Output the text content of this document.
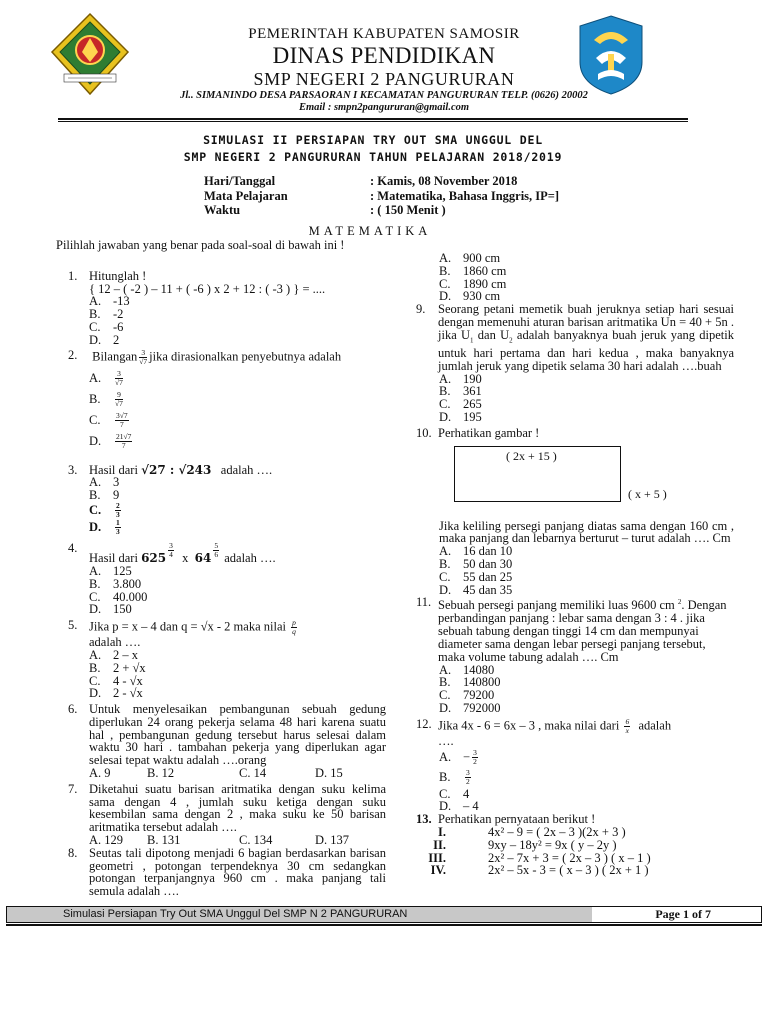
PEMERINTAH KABUPATEN SAMOSIR
DINAS PENDIDIKAN
SMP NEGERI 2 PANGURURAN
Jl.. SIMANINDO DESA PARSAORAN I KECAMATAN PANGURURAN TELP. (0626) 20002
Email : smpn2pangururan@gmail.com
SIMULASI II PERSIAPAN TRY OUT SMA UNGGUL DEL
SMP NEGERI 2 PANGURURAN TAHUN PELAJARAN 2018/2019
Hari/Tanggal	: Kamis, 08 November 2018
Mata Pelajaran	: Matematika, Bahasa Inggris, IP=]
Waktu	: ( 150 Menit )
MATEMATIKA
Pilihlah jawaban yang benar pada soal-soal di bawah ini !
1. Hitunglah !
{ 12 – ( -2 ) – 11 + ( -6 ) x 2 + 12 : ( -3 ) } = ....
A. -13
B.	-2
C.	-6
D. 2
2.	Bilangan $\frac{3}{√7}$ jika dirasionalkan penyebutnya adalah
A.	$\frac{3}{√7}$
B.	$\frac{9}{√7}$
C.	$\frac{3√7}{7}$
D.	$\frac{21√7}{7}$
3. Hasil dari √27 : √243 adalah ….
A. 3
B.	9
C.	$\frac{2}{3}$
D.	$\frac{1}{3}$
4.
Hasil dari $625 \frac{3}{4}$ x $64 \frac{5}{6}$ adalah ….
A. 125
B.	3.800
C.	40.000
D. 150
5. Jika p = x – 4 dan q = √x - 2 maka nilai $\frac{p}{q}$
adalah ….
A. 2 – x
B.	2 + √x
C.	4 - √x
D. 2 - √x
6. Untuk menyelesaikan pembangunan sebuah gedung diperlukan 24 orang pekerja selama 48 hari karena suatu hal , pembangunan gedung tersebut harus selesai dalam waktu 30 hari . tambahan pekerja yang diperlukan agar selesai tepat waktu adalah ….orang
A. 9	B. 12	C. 14	D. 15
7. Diketahui suatu barisan aritmatika dengan suku kelima sama dengan 4 , jumlah suku ketiga dengan suku kesembilan sama dengan 2 , maka suku ke 50 barisan aritmatika tersebut adalah ….
A. 129	B. 131	C. 134	D. 137
8. Seutas tali dipotong menjadi 6 bagian berdasarkan barisan geometri , potongan terpendeknya 30 cm sedangkan potongan terpanjangnya 960 cm . maka panjang tali semula adalah ….
A. 900 cm
B.	1860 cm
C.	1890 cm
D. 930 cm
9.	Seorang petani memetik buah jeruknya setiap hari sesuai dengan memenuhi aturan barisan aritmatika Un = 40 + 5n . jika $U_1$ dan $U_2$ adalah banyaknya buah jeruk yang dipetik untuk hari pertama dan hari kedua , maka banyaknya jumlah jeruk yang dipetik selama 30 hari adalah ….buah
A. 190
B.	361
C.	265
D. 195
10. Perhatikan gambar !
( 2x + 15 )
( x + 5 )
Jika keliling persegi panjang diatas sama dengan 160 cm , maka panjang dan lebarnya berturut – turut adalah …. Cm
A. 16 dan 10
B.	50 dan 30
C.	55 dan 25
D. 45 dan 35
11. Sebuah persegi panjang memiliki luas 9600 cm $^2$. Dengan perbandingan panjang : lebar sama dengan 3 : 4 . jika sebuah tabung dengan tinggi 14 cm dan mempunyai diameter sama dengan lebar persegi panjang tersebut, maka volume tabung adalah …. Cm
A. 14080
B.	140800
C.	79200
D. 792000
12. Jika 4x - 6 = 6x – 3 , maka nilai dari $\frac{6}{x}$ adalah
….
A. − $\frac{3}{2}$
B.	$\frac{3}{2}$
C.	4
D. – 4
13. Perhatikan pernyataan berikut !
I.	4x² – 9 = ( 2x – 3 )(2x + 3 )
II.	9xy – 18y² = 9x ( y – 2y )
III.	2x² – 7x + 3 = ( 2x – 3 ) ( x – 1 )
IV.	2x² – 5x - 3 = ( x – 3 ) ( 2x + 1 )
Simulasi Persiapan Try Out SMA Unggul Del SMP N 2 PANGURURAN	Page 1 of 7
